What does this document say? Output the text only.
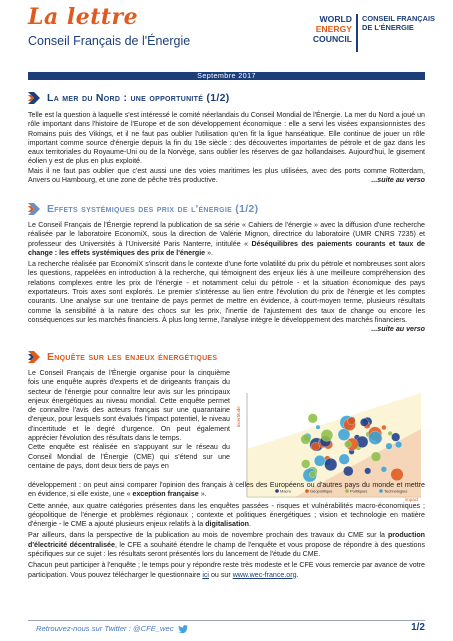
La lettre
Conseil Français de l'Énergie
WORLD
ENERGY
COUNCIL
CONSEIL FRANÇAIS
DE L'ÉNERGIE
Septembre 2017
La mer du Nord : une opportunité (1/2)

Telle est la question à laquelle s'est intéressé le comité néerlandais du Conseil Mondial de l'Énergie. La mer du Nord a joué un rôle important dans l'histoire de l'Europe et de son développement économique : elle a servi les visées expansionnistes des Romains puis des Vikings, et il ne faut pas oublier l'utilisation qu'en fit la ligue hanséatique. Elle continue de jouer un rôle important comme source d'énergie depuis la fin du 19e siècle : des découvertes importantes de pétrole et de gaz dans les eaux territoriales du Royaume-Uni ou de la Norvège, sans oublier les réserves de gaz hollandaises. Aujourd'hui, le gisement éolien y est de plus en plus exploité.

Mais il ne faut pas oublier que c'est aussi une des voies maritimes les plus utilisées, avec des ports comme Rotterdam, Anvers ou Hambourg, et une zone de pêche très productive.	...suite au verso

Effets systémiques des prix de l'énergie (1/2)

Le Conseil Français de l'Énergie reprend la publication de sa série « Cahiers de l'énergie » avec la diffusion d'une recherche réalisée par le laboratoire EconomiX, sous la direction de Valérie Mignon, directrice du laboratoire (UMR CNRS 7235) et professeur des Universités à l'Université Paris Nanterre, intitulée « Déséquilibres des paiements courants et taux de change : les effets systémiques des prix de l'énergie ».

La recherche réalisée par EconomiX s'inscrit dans le contexte d'une forte volatilité du prix du pétrole et nombreuses sont alors les questions, rappelées en introduction à la recherche, qui témoignent des enjeux liés à une meilleure compréhension des relations complexes entre les prix de l'énergie - et notamment celui du pétrole - et la situation économique des pays exportateurs. Trois axes sont explorés. Le premier s'intéresse au lien entre l'évolution du prix de l'énergie et les comptes courants. Une analyse sur une trentaine de pays permet de mettre en évidence, à court-moyen terme, plusieurs résultats comme la sensibilité à la nature des chocs sur les prix, l'inertie de l'ajustement des taux de change ou encore les conséquences sur les marchés financiers. À plus long terme, l'analyse intègre le développement des marchés financiers.
...suite au verso

Enquête sur les enjeux énergétiques

Le Conseil Français de l'Énergie organise pour la cinquième fois une enquête auprès d'experts et de dirigeants français du secteur de l'énergie pour connaître leur avis sur les principaux enjeux énergétiques au niveau mondial. Cette enquête permet de connaître l'avis des acteurs français sur une quarantaine d'enjeux, pour lesquels sont évalués l'impact potentiel, le niveau d'incertitude et le degré d'urgence. On peut également apprécier l'évolution des résultats dans le temps.

Cette enquête est réalisée en s'appuyant sur le réseau du Conseil Mondial de l'Énergie (CME) qui s'étend sur une centaine de pays, dont deux tiers de pays en

incertitude
impact
Macro	Géopolitique	Politiques	Technologies

développement : on peut ainsi comparer l'opinion des français à celles des Européens ou d'autres pays du monde et mettre en évidence, si elle existe, une « exception française ».

Cette année, aux quatre catégories présentes dans les enquêtes passées - risques et vulnérabilités macro-économiques ; géopolitique de l'énergie et problèmes régionaux ; contexte et politiques énergétiques ; vision et technologie en matière d'énergie - le CME a ajouté plusieurs enjeux relatifs à la digitalisation.

Par ailleurs, dans la perspective de la publication au mois de novembre prochain des travaux du CME sur la production d'électricité décentralisée, le CFE a souhaité étendre le champ de l'enquête et vous propose de répondre à des questions spécifiques sur ce sujet : les résultats seront présentés lors du lancement de l'étude du CME.

Chacun peut participer à l'enquête ; le temps pour y répondre reste très modeste et le CFE vous remercie par avance de votre participation. Vous pouvez télécharger le questionnaire ici ou sur www.wec-france.org.

Retrouvez-nous sur Twitter : @CFE_wec	1/2
